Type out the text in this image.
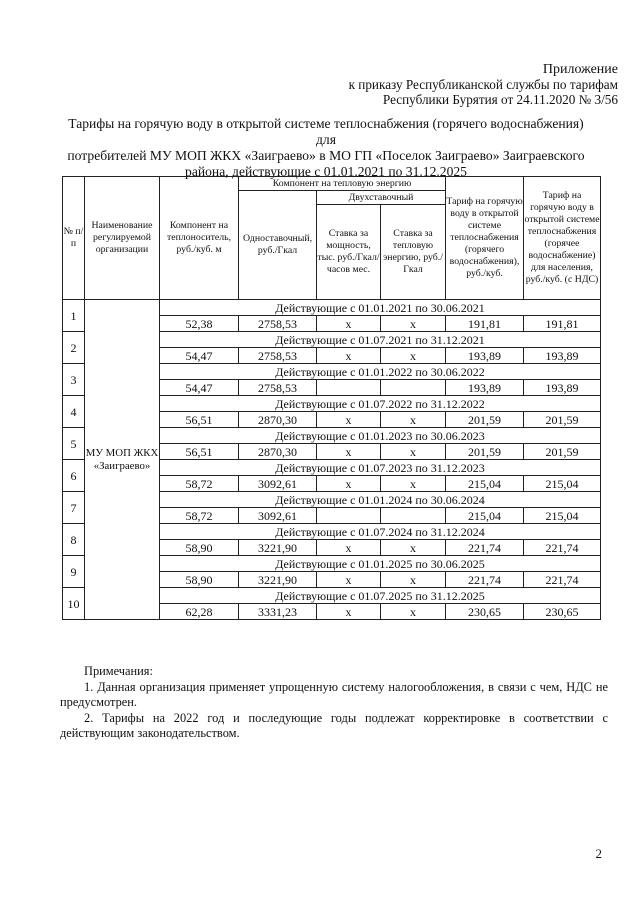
Приложение
к приказу Республиканской службы по тарифам
Республики Бурятия от 24.11.2020 № 3/56
Тарифы на горячую воду в открытой системе теплоснабжения (горячего водоснабжения) для
потребителей МУ МОП ЖКХ «Заиграево» в МО ГП «Поселок Заиграево» Заиграевского
района, действующие с 01.01.2021 по 31.12.2025
№ п/п	Наименование регулируемой организации	Компонент на теплоноситель, руб./куб. м	Компонент на тепловую энергию			Тариф на горячую воду в открытой системе теплоснабжения (горячего водоснабжения), руб./куб.	Тариф на горячую воду в открытой системе теплоснабжения (горячее водоснабжение) для населения, руб./куб. (с НДС)
			Одноставочный, руб./Гкал	Двухставочный			
				Ставка за мощность, тыс. руб./Гкал/ часов мес.	Ставка за тепловую энергию, руб./Гкал		
1	МУ МОП ЖКХ «Заиграево»	Действующие с 01.01.2021 по 30.06.2021					
		52,38	2758,53	х	х	191,81	191,81
2		Действующие с 01.07.2021 по 31.12.2021					
		54,47	2758,53	х	х	193,89	193,89
3		Действующие с 01.01.2022 по 30.06.2022					
		54,47	2758,53			193,89	193,89
4		Действующие с 01.07.2022 по 31.12.2022					
		56,51	2870,30	х	х	201,59	201,59
5		Действующие с 01.01.2023 по 30.06.2023					
		56,51	2870,30	х	х	201,59	201,59
6		Действующие с 01.07.2023 по 31.12.2023					
		58,72	3092,61	х	х	215,04	215,04
7		Действующие с 01.01.2024 по 30.06.2024					
		58,72	3092,61			215,04	215,04
8		Действующие с 01.07.2024 по 31.12.2024					
		58,90	3221,90	х	х	221,74	221,74
9		Действующие с 01.01.2025 по 30.06.2025					
		58,90	3221,90	х	х	221,74	221,74
10		Действующие с 01.07.2025 по 31.12.2025					
		62,28	3331,23	х	х	230,65	230,65

Примечания:

1. Данная организация применяет упрощенную систему налогообложения, в связи с чем, НДС не предусмотрен.

2. Тарифы на 2022 год и последующие годы подлежат корректировке в соответствии с действующим законодательством.

2
